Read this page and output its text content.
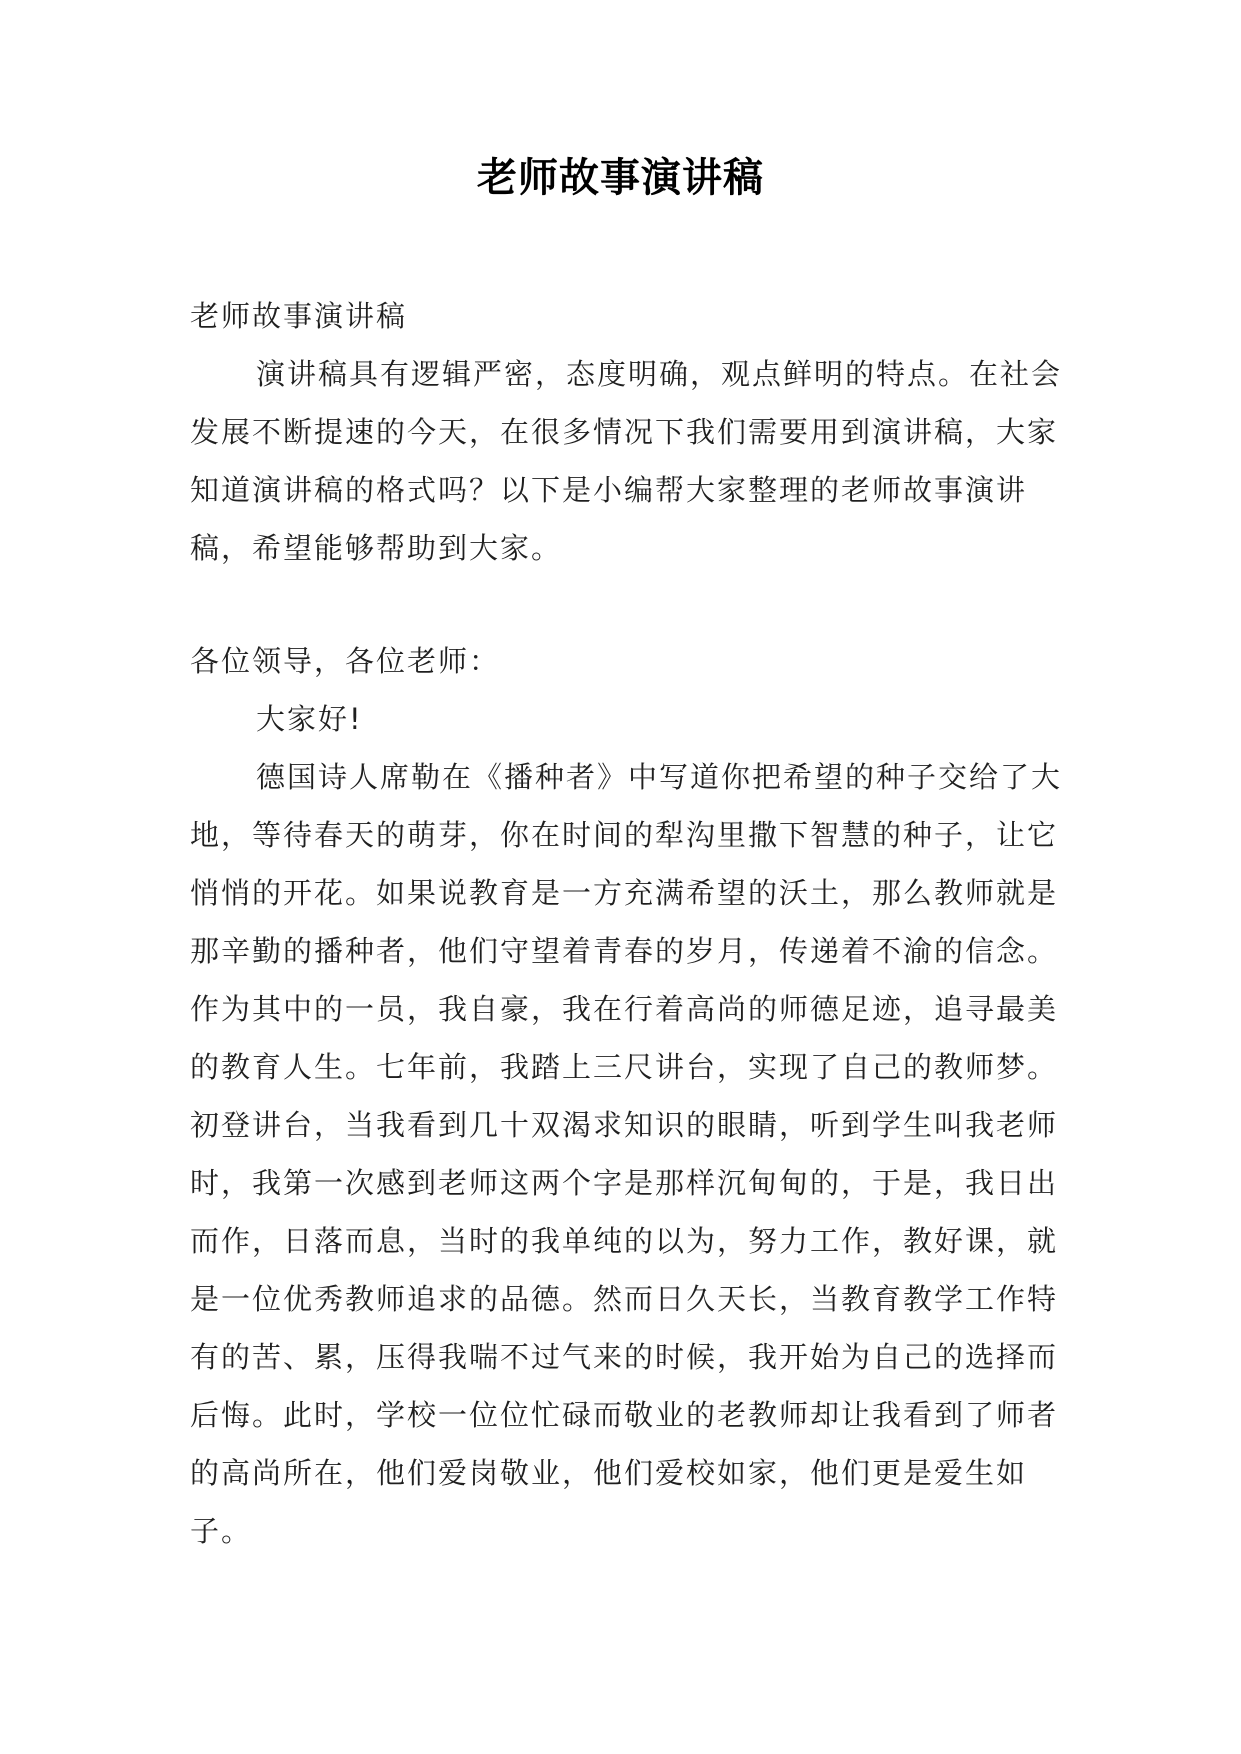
老师故事演讲稿

老师故事演讲稿

演讲稿具有逻辑严密，态度明确，观点鲜明的特点。在社会发展不断提速的今天，在很多情况下我们需要用到演讲稿，大家知道演讲稿的格式吗？以下是小编帮大家整理的老师故事演讲稿，希望能够帮助到大家。

各位领导，各位老师：

大家好!

德国诗人席勒在《播种者》中写道你把希望的种子交给了大地，等待春天的萌芽，你在时间的犁沟里撒下智慧的种子，让它悄悄的开花。如果说教育是一方充满希望的沃土，那么教师就是那辛勤的播种者，他们守望着青春的岁月，传递着不渝的信念。作为其中的一员，我自豪，我在行着高尚的师德足迹，追寻最美的教育人生。七年前，我踏上三尺讲台，实现了自己的教师梦。初登讲台，当我看到几十双渴求知识的眼睛，听到学生叫我老师时，我第一次感到老师这两个字是那样沉甸甸的，于是，我日出而作，日落而息，当时的我单纯的以为，努力工作，教好课，就是一位优秀教师追求的品德。然而日久天长，当教育教学工作特有的苦、累，压得我喘不过气来的时候，我开始为自己的选择而后悔。此时，学校一位位忙碌而敬业的老教师却让我看到了师者的高尚所在，他们爱岗敬业，他们爱校如家，他们更是爱生如子。
